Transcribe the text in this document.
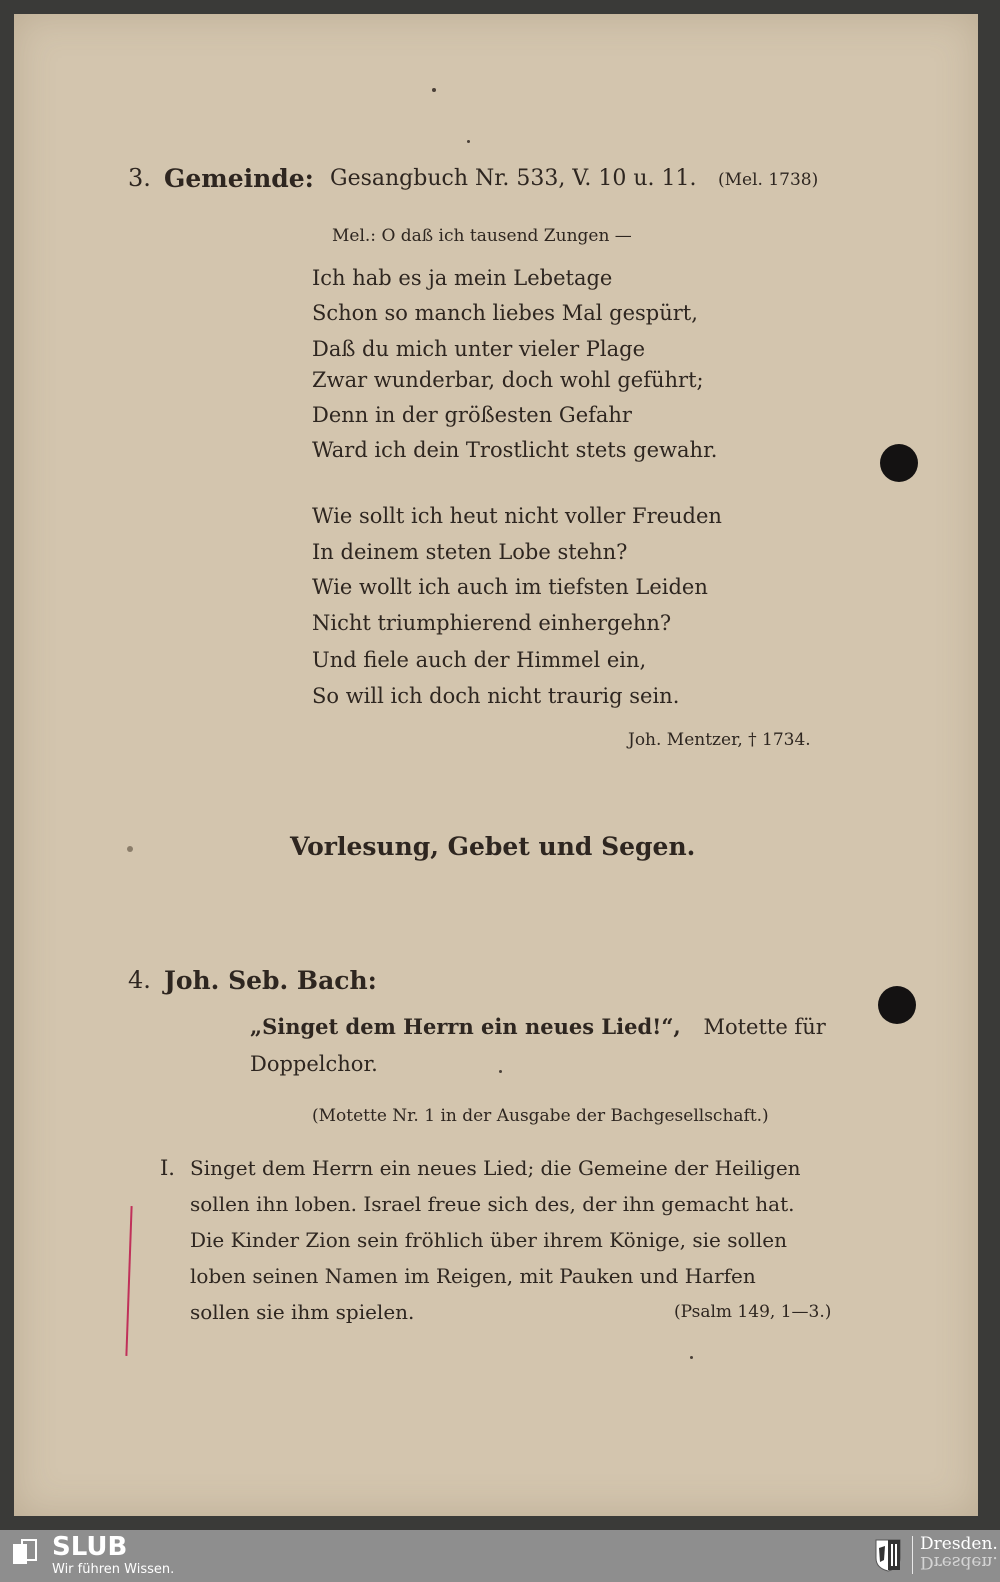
3. Gemeinde: Gesangbuch Nr. 533, V. 10 u. 11. (Mel. 1738)
Mel.: O daß ich tausend Zungen —
Ich hab es ja mein Lebetage
Schon so manch liebes Mal gespürt,
Daß du mich unter vieler Plage
Zwar wunderbar, doch wohl geführt;
Denn in der größesten Gefahr
Ward ich dein Trostlicht stets gewahr.
Wie sollt ich heut nicht voller Freuden
In deinem steten Lobe stehn?
Wie wollt ich auch im tiefsten Leiden
Nicht triumphierend einhergehn?
Und fiele auch der Himmel ein,
So will ich doch nicht traurig sein.
Joh. Mentzer, † 1734.
Vorlesung, Gebet und Segen.
4. Joh. Seb. Bach:
„Singet dem Herrn ein neues Lied!“, Motette für
Doppelchor.
(Motette Nr. 1 in der Ausgabe der Bachgesellschaft.)
I. Singet dem Herrn ein neues Lied; die Gemeine der Heiligen
sollen ihn loben. Israel freue sich des, der ihn gemacht hat.
Die Kinder Zion sein fröhlich über ihrem Könige, sie sollen
loben seinen Namen im Reigen, mit Pauken und Harfen
sollen sie ihm spielen.	(Psalm 149, 1—3.)
SLUB
Wir führen Wissen.
Dresden.
Dresden.
